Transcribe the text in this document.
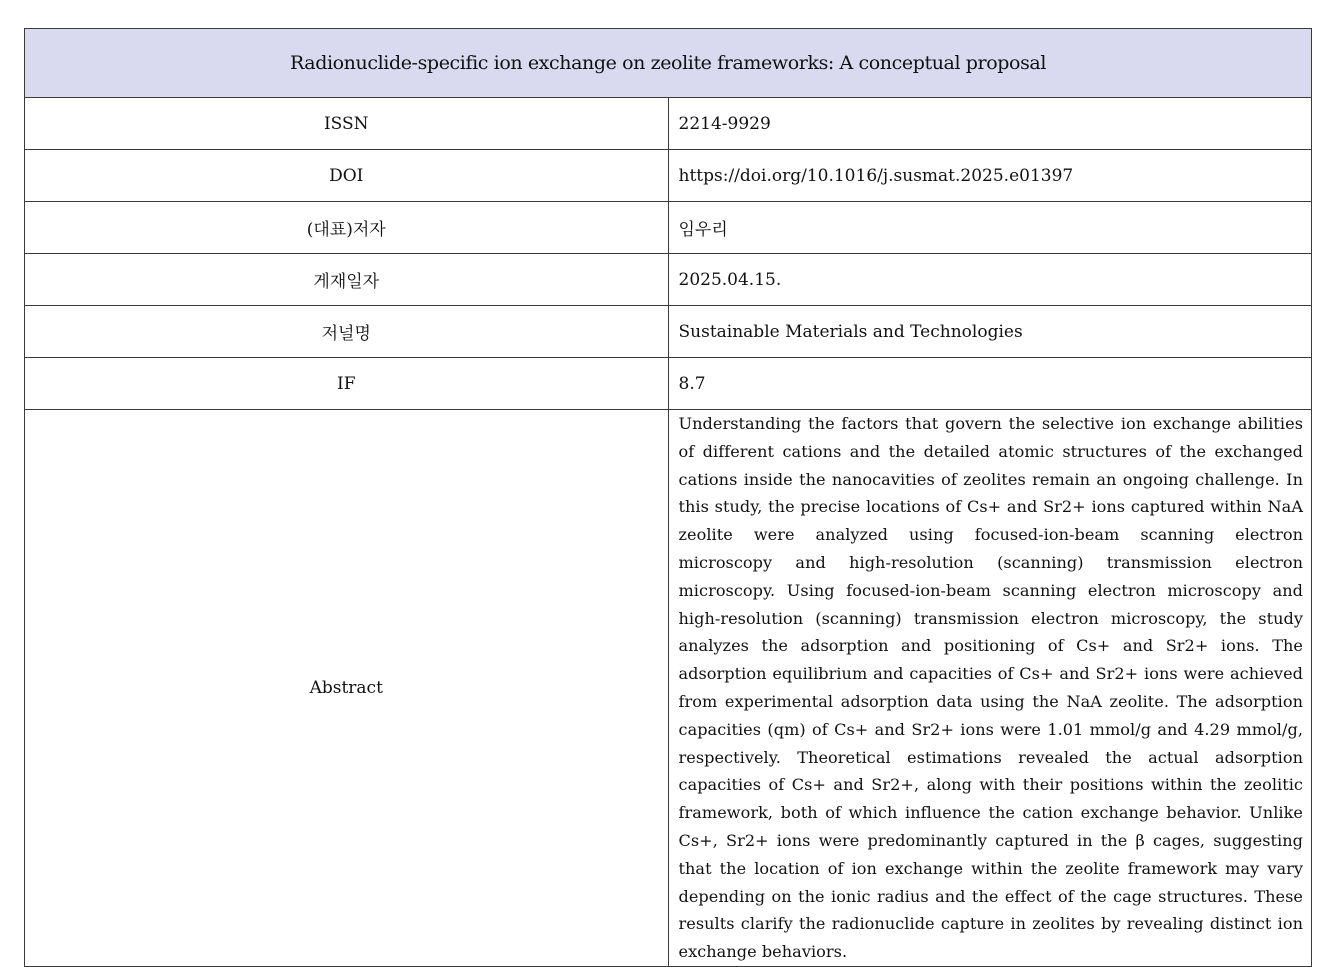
Radionuclide-specific ion exchange on zeolite frameworks: A conceptual proposal	
ISSN	2214-9929
DOI	https://doi.org/10.1016/j.susmat.2025.e01397
(대표)저자	임우리
게재일자	2025.04.15.
저널명	Sustainable Materials and Technologies
IF	8.7
Abstract	Understanding the factors that govern the selective ion exchange abilities of different cations and the detailed atomic structures of the exchanged cations inside the nanocavities of zeolites remain an ongoing challenge. In this study, the precise locations of Cs+ and Sr2+ ions captured within NaA zeolite were analyzed using focused-ion-beam scanning electron microscopy and high-resolution (scanning) transmission electron microscopy. Using focused-ion-beam scanning electron microscopy and high-resolution (scanning) transmission electron microscopy, the study analyzes the adsorption and positioning of Cs+ and Sr2+ ions. The adsorption equilibrium and capacities of Cs+ and Sr2+ ions were achieved from experimental adsorption data using the NaA zeolite. The adsorption capacities (qm) of Cs+ and Sr2+ ions were 1.01 mmol/g and 4.29 mmol/g, respectively. Theoretical estimations revealed the actual adsorption capacities of Cs+ and Sr2+, along with their positions within the zeolitic framework, both of which influence the cation exchange behavior. Unlike Cs+, Sr2+ ions were predominantly captured in the β cages, suggesting that the location of ion exchange within the zeolite framework may vary depending on the ionic radius and the effect of the cage structures. These results clarify the radionuclide capture in zeolites by revealing distinct ion exchange behaviors.
